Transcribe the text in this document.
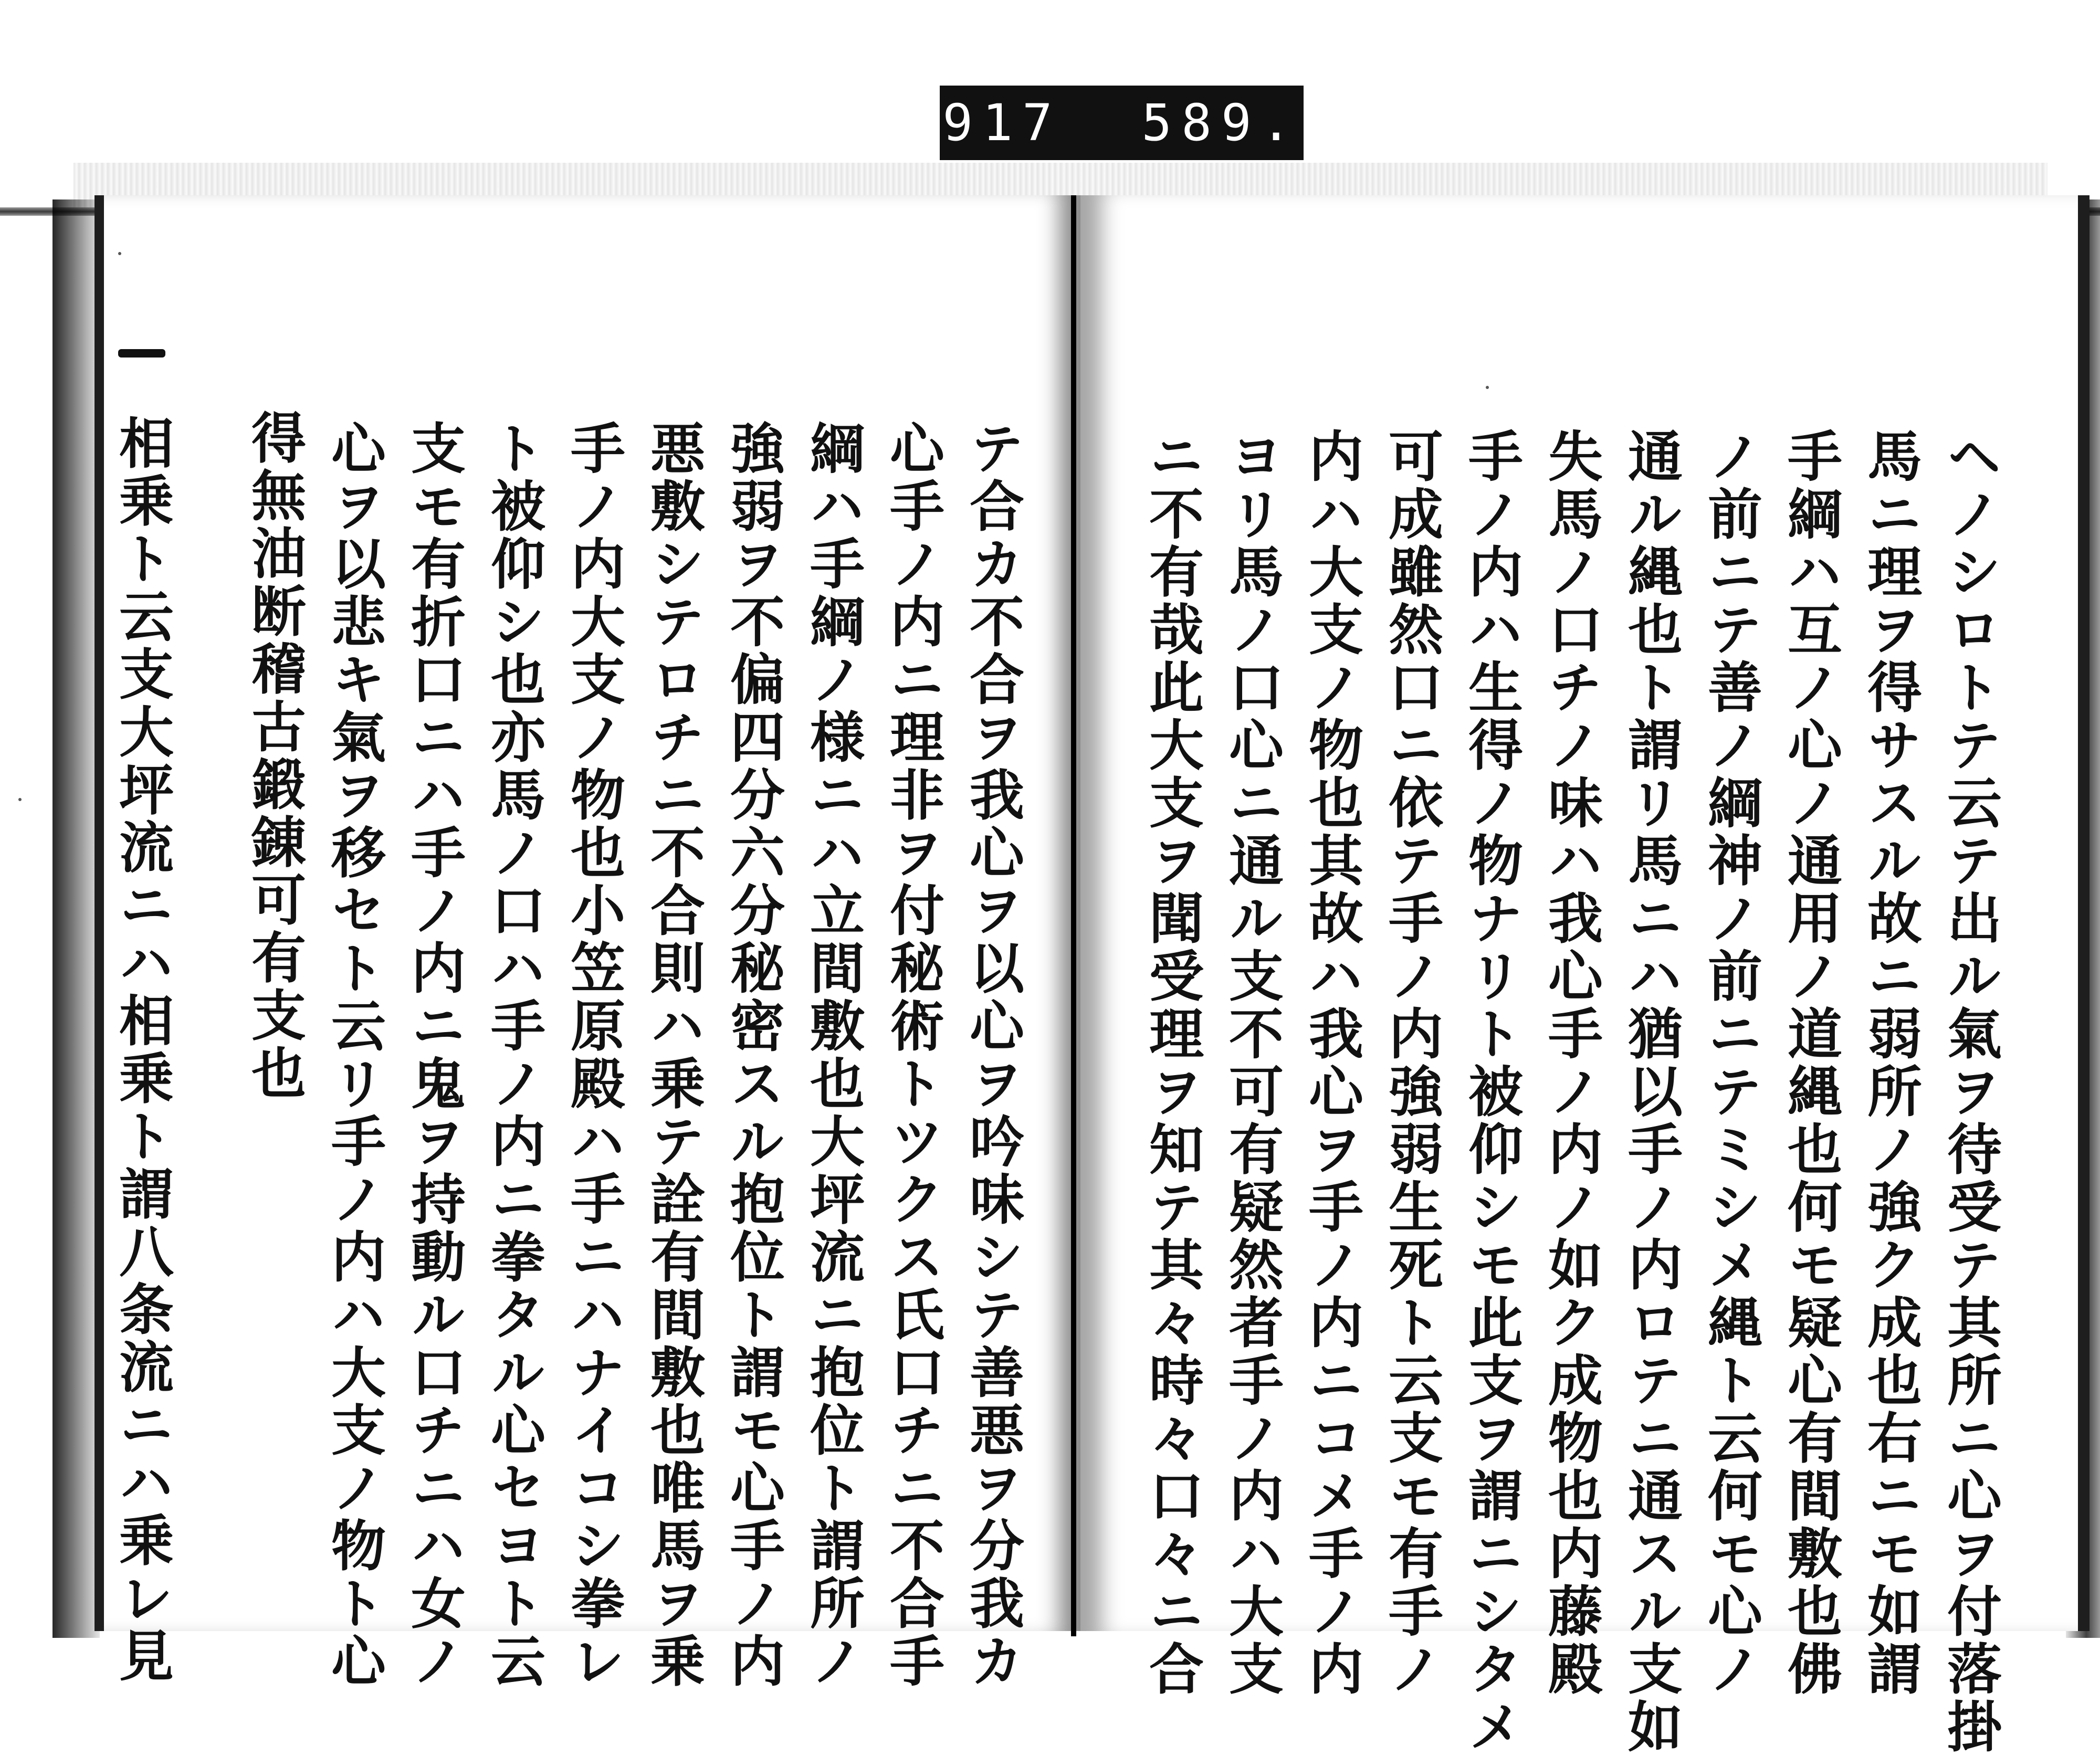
ヘノシロトテ云テ出ル氣ヲ待受テ其所ニ心ヲ付落掛
馬ニ理ヲ得サスル故ニ弱所ノ強ク成也右ニモ如謂
手綱ハ互ノ心ノ通用ノ道縄也何モ疑心有間敷也佛
ノ前ニテ善ノ綱神ノ前ニテミシメ縄ト云何モ心ノ
通ル縄也ト謂リ馬ニハ猶以手ノ内ロテニ通スル支如
失馬ノ口チノ味ハ我心手ノ内ノ如ク成物也内藤殿
手ノ内ハ生得ノ物ナリト被仰シモ此支ヲ謂ニシタメ
可成雖然口ニ依テ手ノ内強弱生死ト云支モ有手ノ
内ハ大支ノ物也其故ハ我心ヲ手ノ内ニコメ手ノ内
ヨリ馬ノ口心ニ通ル支不可有疑然者手ノ内ハ大支
ニ不有哉此大支ヲ聞受理ヲ知テ其々時々口々ニ合
テ合カ不合ヲ我心ヲ以心ヲ吟味シテ善悪ヲ分我カ
心手ノ内ニ理非ヲ付秘術トツクス氏口チニ不合手
綱ハ手綱ノ様ニハ立間敷也大坪流ニ抱位ト謂所ノ
強弱ヲ不偏四分六分秘密スル抱位ト謂モ心手ノ内
悪敷シテロチニ不合則ハ乗テ詮有間敷也唯馬ヲ乗
手ノ内大支ノ物也小笠原殿ハ手ニハナイコシ拳レ
ト被仰シ也亦馬ノ口ハ手ノ内ニ拳タル心セヨト云
支モ有折口ニハ手ノ内ニ鬼ヲ持動ル口チニハ女ノ
心ヲ以悲キ氣ヲ移セト云リ手ノ内ハ大支ノ物ト心
得無油断稽古鍛錬可有支也
相乗ト云支大坪流ニハ相乗ト謂八条流ニハ乗レ見
917  589.
